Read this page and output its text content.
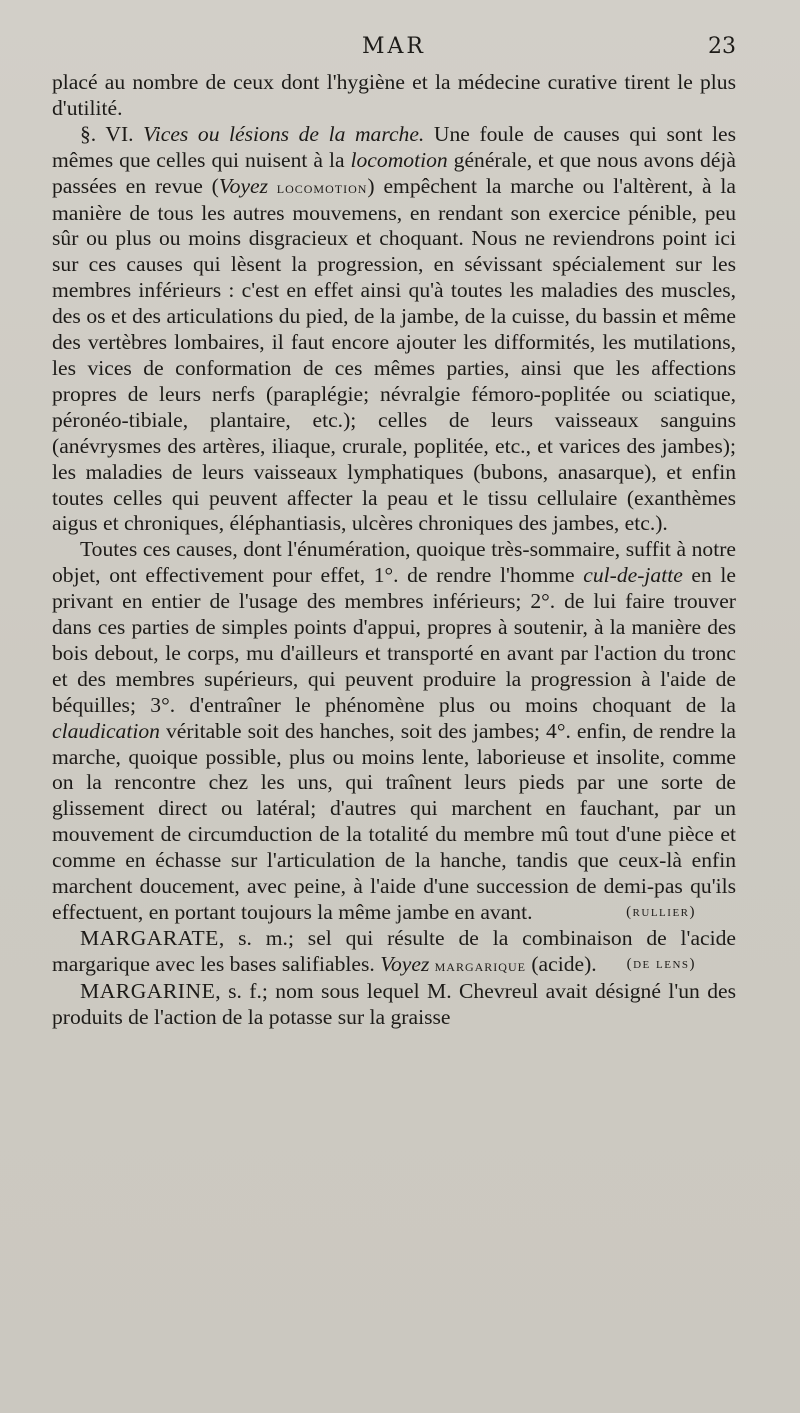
MAR	23

placé au nombre de ceux dont l'hygiène et la médecine curative tirent le plus d'utilité.

§. VI. Vices ou lésions de la marche. Une foule de causes qui sont les mêmes que celles qui nuisent à la locomotion générale, et que nous avons déjà passées en revue (Voyez locomotion) empêchent la marche ou l'altèrent, à la manière de tous les autres mouvemens, en rendant son exercice pénible, peu sûr ou plus ou moins disgracieux et choquant. Nous ne reviendrons point ici sur ces causes qui lèsent la progression, en sévissant spécialement sur les membres inférieurs : c'est en effet ainsi qu'à toutes les maladies des muscles, des os et des articulations du pied, de la jambe, de la cuisse, du bassin et même des vertèbres lombaires, il faut encore ajouter les difformités, les mutilations, les vices de conformation de ces mêmes parties, ainsi que les affections propres de leurs nerfs (paraplégie; névralgie fémoro-poplitée ou sciatique, péronéo-tibiale, plantaire, etc.); celles de leurs vaisseaux sanguins (anévrysmes des artères, iliaque, crurale, poplitée, etc., et varices des jambes); les maladies de leurs vaisseaux lymphatiques (bubons, anasarque), et enfin toutes celles qui peuvent affecter la peau et le tissu cellulaire (exanthèmes aigus et chroniques, éléphantiasis, ulcères chroniques des jambes, etc.).

Toutes ces causes, dont l'énumération, quoique très-sommaire, suffit à notre objet, ont effectivement pour effet, 1°. de rendre l'homme cul-de-jatte en le privant en entier de l'usage des membres inférieurs; 2°. de lui faire trouver dans ces parties de simples points d'appui, propres à soutenir, à la manière des bois debout, le corps, mu d'ailleurs et transporté en avant par l'action du tronc et des membres supérieurs, qui peuvent produire la progression à l'aide de béquilles; 3°. d'entraîner le phénomène plus ou moins choquant de la claudication véritable soit des hanches, soit des jambes; 4°. enfin, de rendre la marche, quoique possible, plus ou moins lente, laborieuse et insolite, comme on la rencontre chez les uns, qui traînent leurs pieds par une sorte de glissement direct ou latéral; d'autres qui marchent en fauchant, par un mouvement de circumduction de la totalité du membre mû tout d'une pièce et comme en échasse sur l'articulation de la hanche, tandis que ceux-là enfin marchent doucement, avec peine, à l'aide d'une succession de demi-pas qu'ils effectuent, en portant toujours la même jambe en avant.	(rullier)

MARGARATE, s. m.; sel qui résulte de la combinaison de l'acide margarique avec les bases salifiables. Voyez margarique (acide).	(de lens)

MARGARINE, s. f.; nom sous lequel M. Chevreul avait désigné l'un des produits de l'action de la potasse sur la graisse
